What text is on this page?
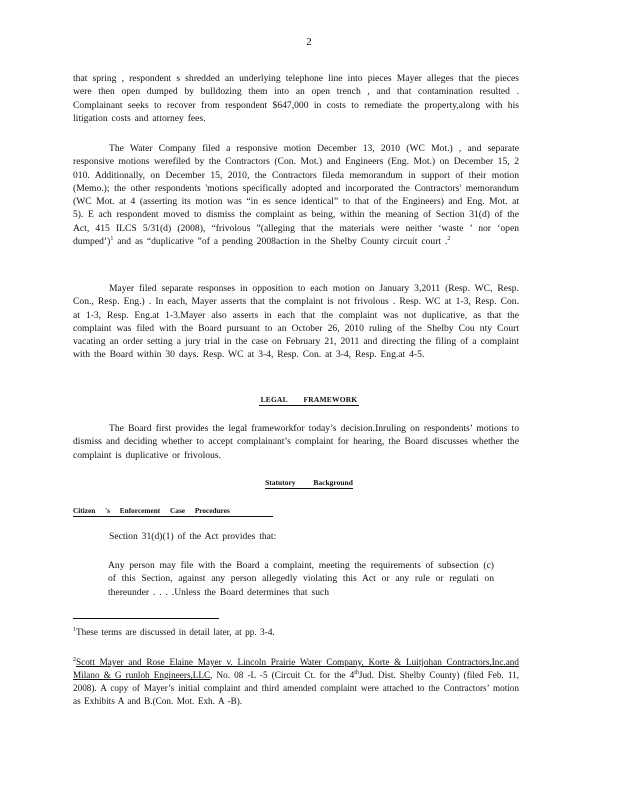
2

that spring , respondent s shredded an underlying telephone line into pieces Mayer alleges that the pieces were then open dumped by bulldozing them into an open trench , and that contamination resulted . Complainant seeks to recover from respondent $647,000 in costs to remediate the property,along with his litigation costs and attorney fees.

The Water Company filed a responsive motion December 13, 2010 (WC Mot.) , and separate responsive motions werefiled by the Contractors (Con. Mot.) and Engineers (Eng. Mot.) on December 15, 2 010. Additionally, on December 15, 2010, the Contractors fileda memorandum in support of their motion (Memo.); the other respondents 'motions specifically adopted and incorporated the Contractors' memorandum (WC Mot. at 4 (asserting its motion was “in es sence identical” to that of the Engineers) and Eng. Mot. at 5). E ach respondent moved to dismiss the complaint as being, within the meaning of Section 31(d) of the Act, 415 ILCS 5/31(d) (2008), “frivolous ”(alleging that the materials were neither ‘waste ’ nor ‘open dumped’)$^1$ and as “duplicative ”of a pending 2008action in the Shelby County circuit court .$^2$

Mayer filed separate responses in opposition to each motion on January 3,2011 (Resp. WC, Resp. Con., Resp. Eng.) . In each, Mayer asserts that the complaint is not frivolous . Resp. WC at 1-3, Resp. Con. at 1-3, Resp. Eng.at 1-3.Mayer also asserts in each that the complaint was not duplicative, as that the complaint was filed with the Board pursuant to an October 26, 2010 ruling of the Shelby Cou nty Court vacating an order setting a jury trial in the case on February 21, 2011 and directing the filing of a complaint with the Board within 30 days. Resp. WC at 3-4, Resp. Con. at 3-4, Resp. Eng.at 4-5.

LEGAL FRAMEWORK

The Board first provides the legal frameworkfor today’s decision.Inruling on respondents’ motions to dismiss and deciding whether to accept complainant’s complaint for hearing, the Board discusses whether the complaint is duplicative or frivolous.

Statutory Background
Citizen 's Enforcement Case Procedures

Section 31(d)(1) of the Act provides that:

Any person may file with the Board a complaint, meeting the requirements of subsection (c) of this Section, against any person allegedly violating this Act or any rule or regulati on thereunder . . . .Unless the Board determines that such

$^1$These terms are discussed in detail later, at pp. 3-4.

$^2$Scott Mayer and Rose Elaine Mayer v. Lincoln Prairie Water Company, Korte & Luitjohan Contractors,Inc.and Milano & G runloh Engineers,LLC, No. 08 -L -5 (Circuit Ct. for the 4thJud. Dist. Shelby County) (filed Feb. 11, 2008). A copy of Mayer’s initial complaint and third amended complaint were attached to the Contractors’ motion as Exhibits A and B.(Con. Mot. Exh. A -B).
